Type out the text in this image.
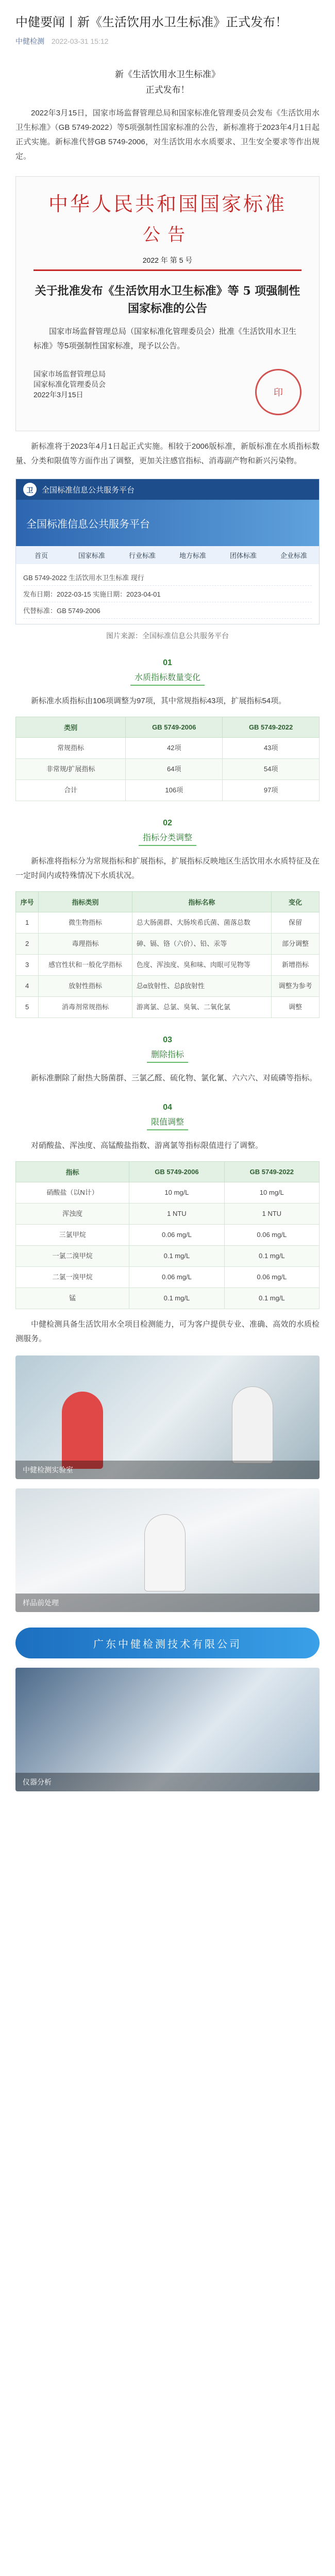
中健要闻丨新《生活饮用水卫生标准》正式发布！
中健检测 2022-03-31 15:12
新《生活饮用水卫生标准》
正式发布！

2022年3月15日，国家市场监督管理总局和国家标准化管理委员会发布《生活饮用水卫生标准》（GB 5749-2022）等5项强制性国家标准的公告，新标准将于2023年4月1日起正式实施。新标准代替GB 5749-2006，对生活饮用水水质要求、卫生安全要求等作出规定。

中华人民共和国国家标准
公告
2022 年 第 5 号
关于批准发布《生活饮用水卫生标准》等 5 项强制性国家标准的公告

国家市场监督管理总局（国家标准化管理委员会）批准《生活饮用水卫生标准》等5项强制性国家标准，现予以公告。

国家市场监督管理总局
国家标准化管理委员会
2022年3月15日	印

新标准将于2023年4月1日起正式实施。相较于2006版标准，新版标准在水质指标数量、分类和限值等方面作出了调整，更加关注感官指标、消毒副产物和新兴污染物。

卫	全国标准信息公共服务平台
全国标准信息公共服务平台
首页	国家标准	行业标准	地方标准	团体标准	企业标准
GB 5749-2022 生活饮用水卫生标准 现行
发布日期：2022-03-15 实施日期：2023-04-01
代替标准：GB 5749-2006
图片来源：全国标准信息公共服务平台
01
水质指标数量变化

新标准水质指标由106项调整为97项，其中常规指标43项，扩展指标54项。

类别	GB 5749-2006	GB 5749-2022
常规指标	42项	43项
非常规/扩展指标	64项	54项
合计	106项	97项
02
指标分类调整

新标准将指标分为常规指标和扩展指标，扩展指标反映地区生活饮用水水质特征及在一定时间内或特殊情况下水质状况。

序号	指标类别	指标名称	变化
1	微生物指标	总大肠菌群、大肠埃希氏菌、菌落总数	保留
2	毒理指标	砷、镉、铬（六价）、铅、汞等	部分调整
3	感官性状和一般化学指标	色度、浑浊度、臭和味、肉眼可见物等	新增指标
4	放射性指标	总α放射性、总β放射性	调整为参考
5	消毒剂常规指标	游离氯、总氯、臭氧、二氧化氯	调整
03
删除指标

新标准删除了耐热大肠菌群、三氯乙醛、硫化物、氯化氰、六六六、对硫磷等指标。

04
限值调整

对硝酸盐、浑浊度、高锰酸盐指数、游离氯等指标限值进行了调整。

指标	GB 5749-2006	GB 5749-2022
硝酸盐（以N计）	10 mg/L	10 mg/L
浑浊度	1 NTU	1 NTU
三氯甲烷	0.06 mg/L	0.06 mg/L
一氯二溴甲烷	0.1 mg/L	0.1 mg/L
二氯一溴甲烷	0.06 mg/L	0.06 mg/L
锰	0.1 mg/L	0.1 mg/L

中健检测具备生活饮用水全项目检测能力，可为客户提供专业、准确、高效的水质检测服务。

中健检测实验室
样品前处理
广东中健检测技术有限公司
仪器分析
